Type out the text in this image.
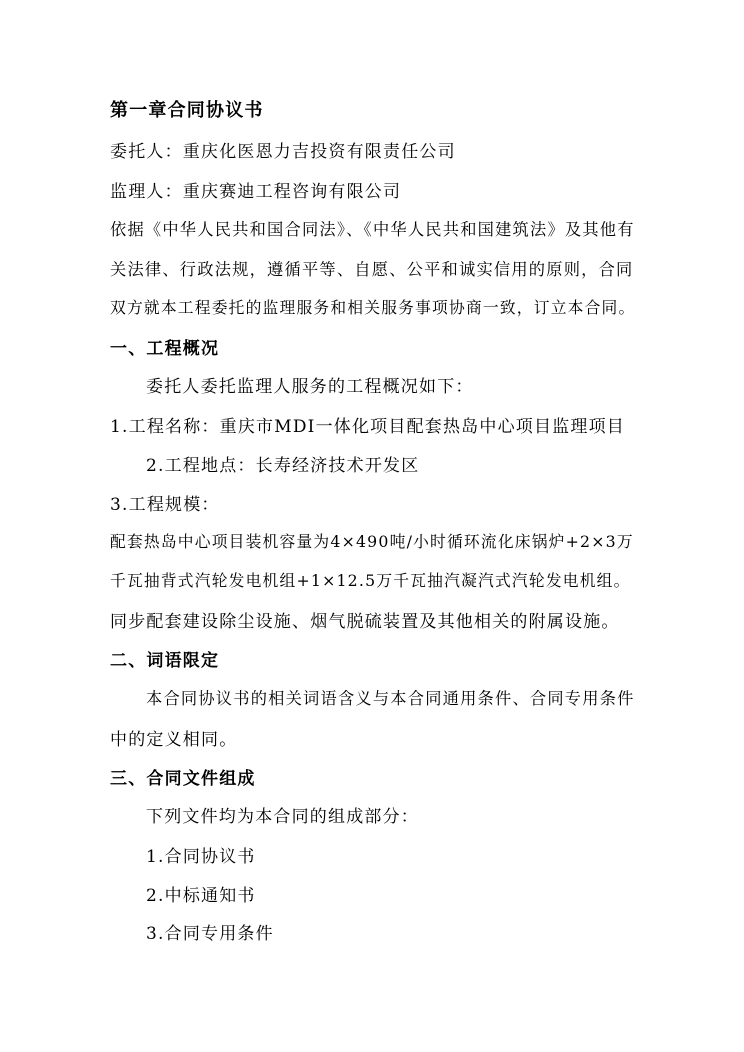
第一章合同协议书
委托人：重庆化医恩力吉投资有限责任公司
监理人：重庆赛迪工程咨询有限公司
依据《中华人民共和国合同法》、《中华人民共和国建筑法》及其他有
关法律、行政法规，遵循平等、自愿、公平和诚实信用的原则，合同
双方就本工程委托的监理服务和相关服务事项协商一致，订立本合同。
一、工程概况
委托人委托监理人服务的工程概况如下：
1.工程名称：重庆市MDI一体化项目配套热岛中心项目监理项目
2.工程地点：长寿经济技术开发区
3.工程规模：
配套热岛中心项目装机容量为4×490吨/小时循环流化床锅炉+2×3万
千瓦抽背式汽轮发电机组+1×12.5万千瓦抽汽凝汽式汽轮发电机组。
同步配套建设除尘设施、烟气脱硫装置及其他相关的附属设施。
二、词语限定
本合同协议书的相关词语含义与本合同通用条件、合同专用条件
中的定义相同。
三、合同文件组成
下列文件均为本合同的组成部分：
1.合同协议书
2.中标通知书
3.合同专用条件
